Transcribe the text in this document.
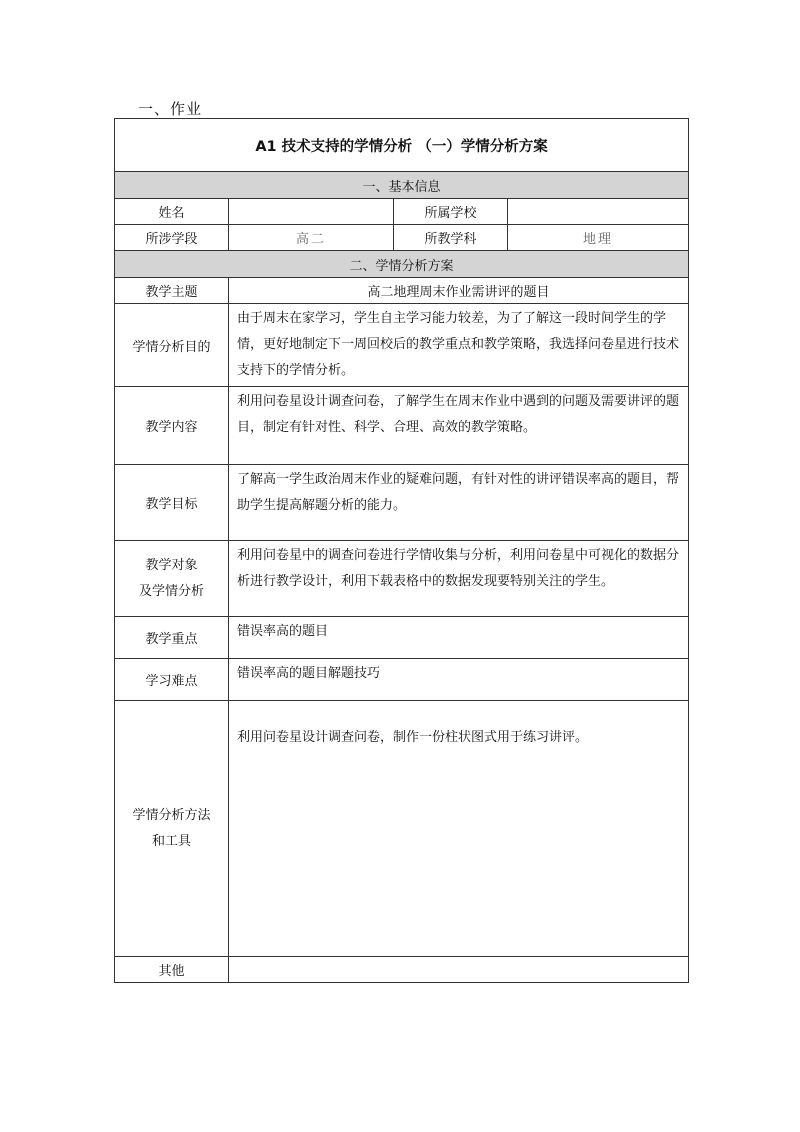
一、作业
A1 技术支持的学情分析 （一）学情分析方案			
一、基本信息			
姓名		所属学校	
所涉学段	高二	所教学科	地理
二、学情分析方案			
教学主题	高二地理周末作业需讲评的题目		
学情分析目的	由于周末在家学习，学生自主学习能力较差，为了了解这一段时间学生的学情，更好地制定下一周回校后的教学重点和教学策略，我选择问卷星进行技术支持下的学情分析。		
教学内容	利用问卷星设计调查问卷，了解学生在周末作业中遇到的问题及需要讲评的题目，制定有针对性、科学、合理、高效的教学策略。		
教学目标	了解高一学生政治周末作业的疑难问题，有针对性的讲评错误率高的题目，帮助学生提高解题分析的能力。		

教学对象
及学情分析	利用问卷星中的调查问卷进行学情收集与分析，利用问卷星中可视化的数据分析进行教学设计，利用下载表格中的数据发现要特别关注的学生。		
教学重点	错误率高的题目		
学习难点	错误率高的题目解题技巧		

学情分析方法
和工具	利用问卷星设计调查问卷，制作一份柱状图式用于练习讲评。		
其他			
